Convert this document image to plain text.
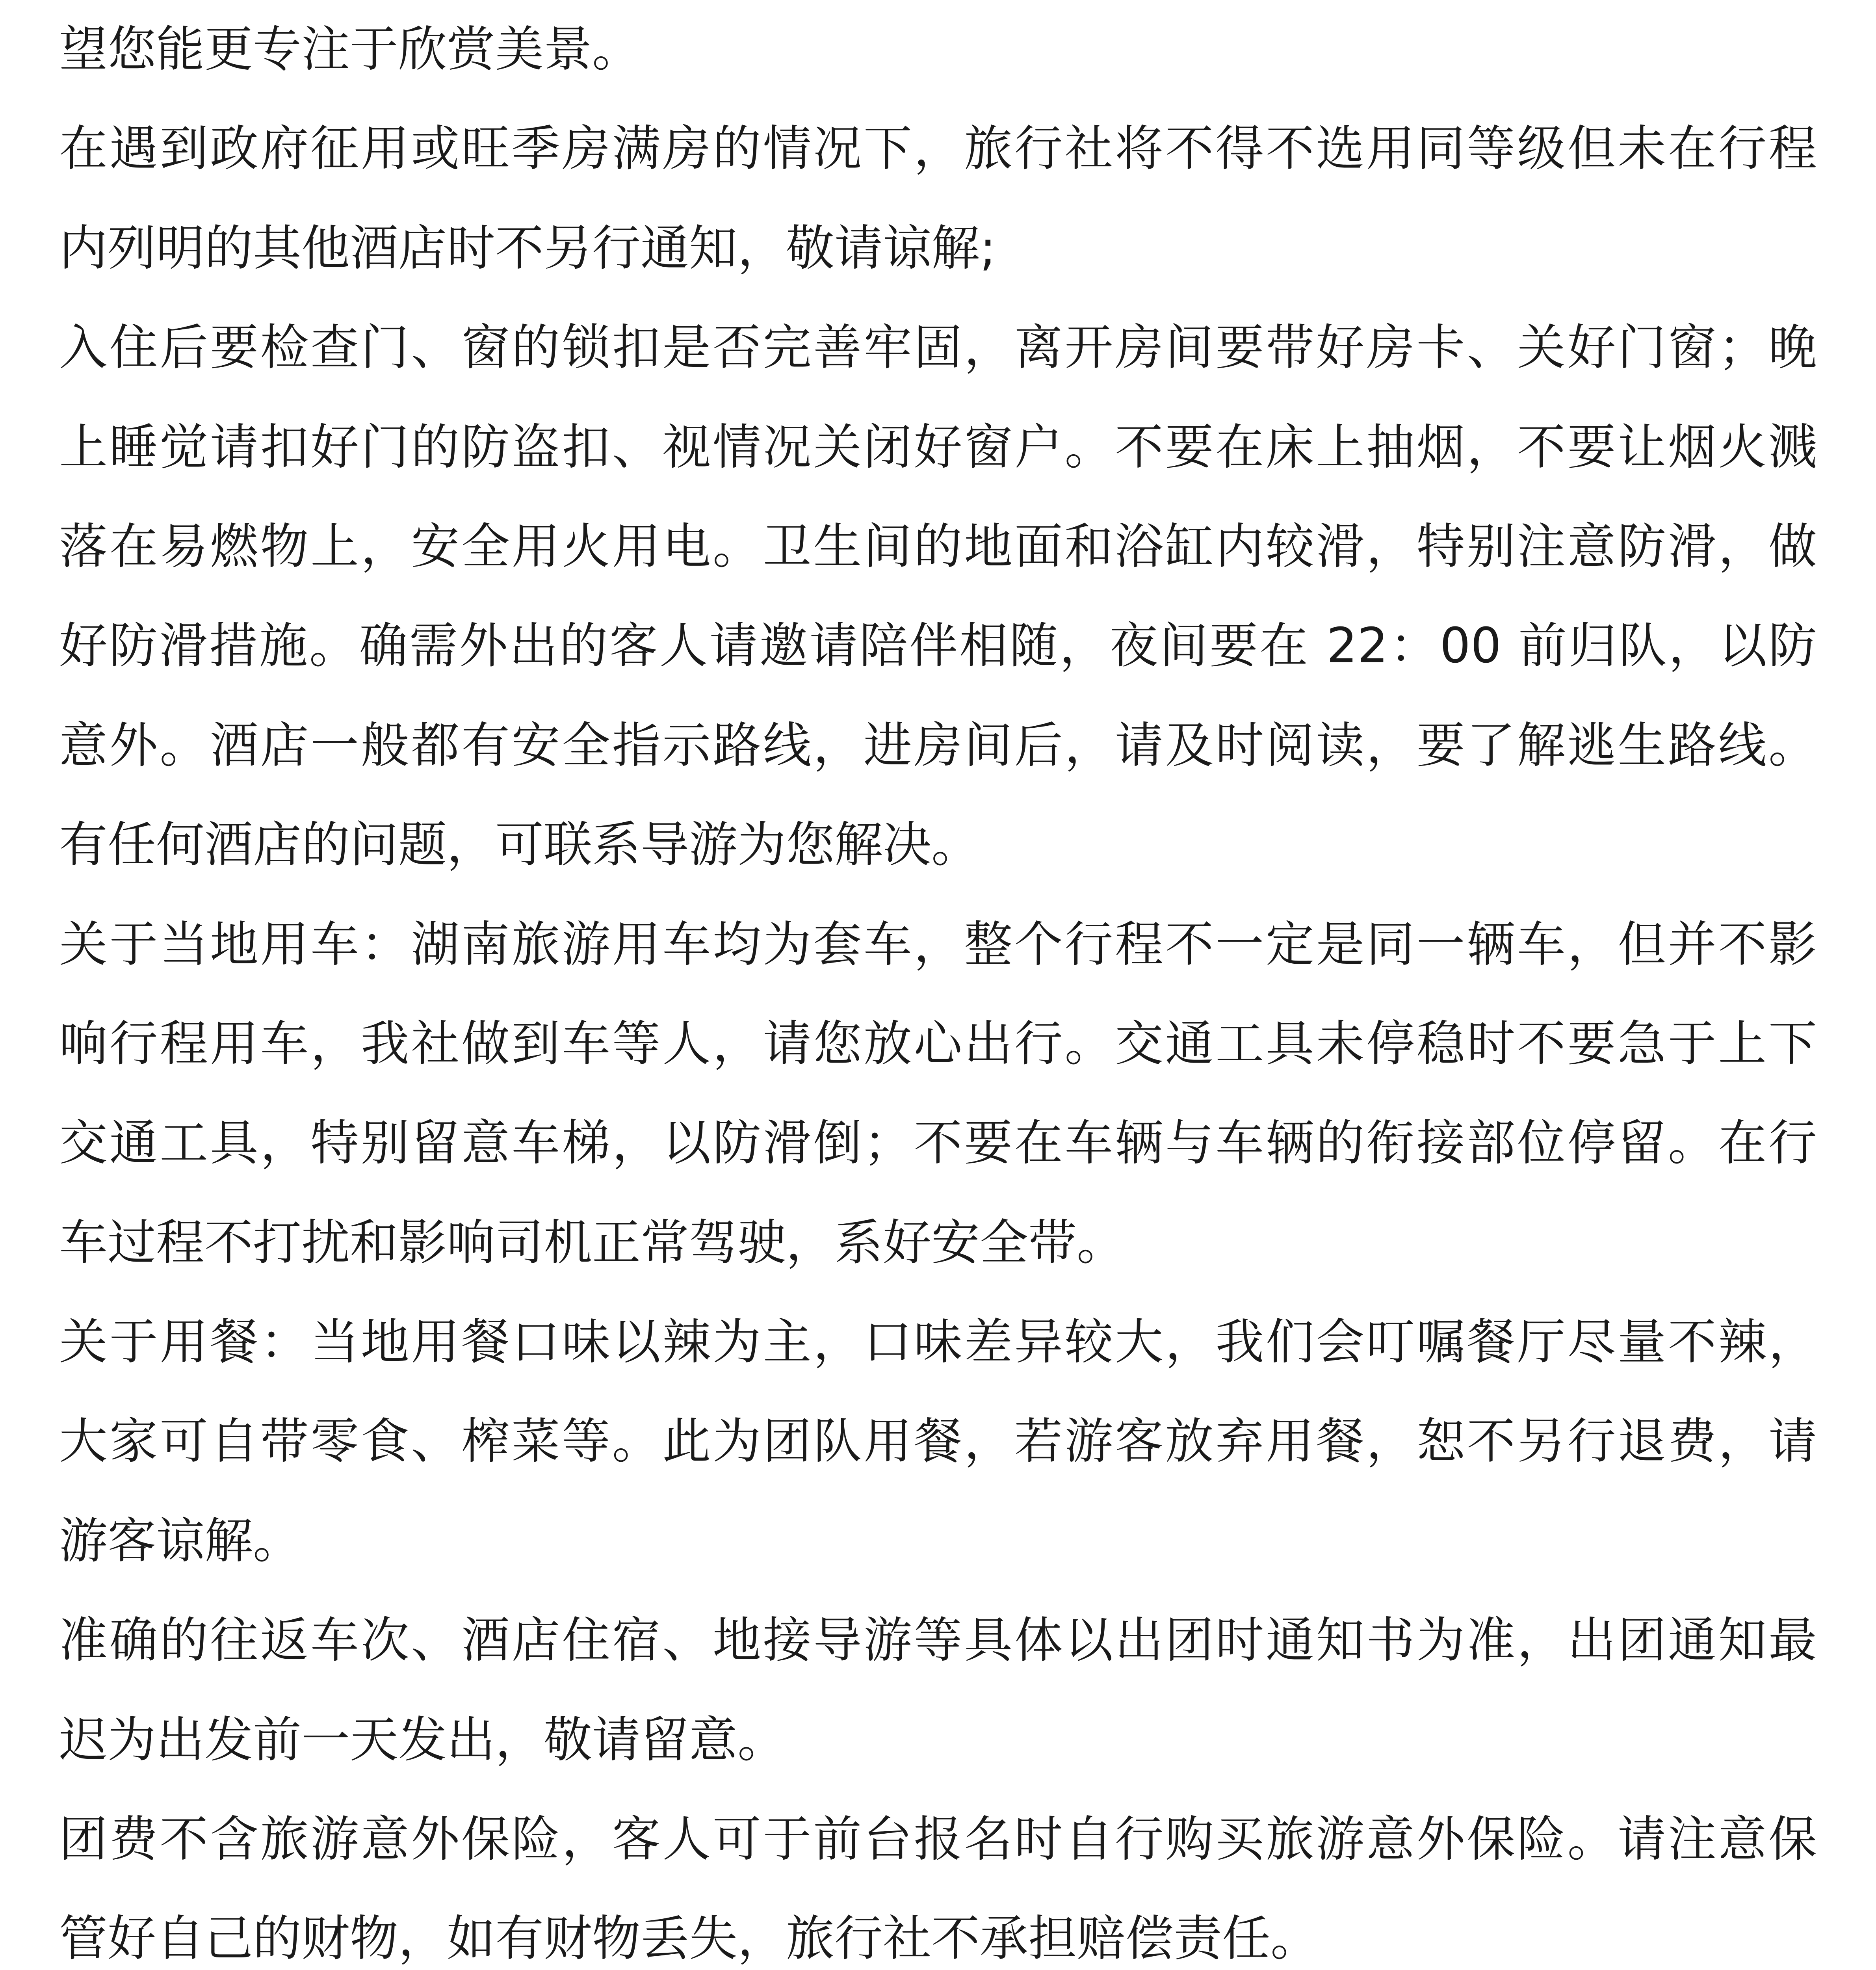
望您能更专注于欣赏美景。
在遇到政府征用或旺季房满房的情况下，旅行社将不得不选用同等级但未在行程
内列明的其他酒店时不另行通知，敬请谅解;
入住后要检查门、窗的锁扣是否完善牢固，离开房间要带好房卡、关好门窗；晚
上睡觉请扣好门的防盗扣、视情况关闭好窗户。不要在床上抽烟，不要让烟火溅
落在易燃物上，安全用火用电。卫生间的地面和浴缸内较滑，特别注意防滑，做
好防滑措施。确需外出的客人请邀请陪伴相随，夜间要在 22：00 前归队，以防
意外。酒店一般都有安全指示路线，进房间后，请及时阅读，要了解逃生路线。
有任何酒店的问题，可联系导游为您解决。
关于当地用车：湖南旅游用车均为套车，整个行程不一定是同一辆车，但并不影
响行程用车，我社做到车等人，请您放心出行。交通工具未停稳时不要急于上下
交通工具，特别留意车梯，以防滑倒；不要在车辆与车辆的衔接部位停留。在行
车过程不打扰和影响司机正常驾驶，系好安全带。
关于用餐：当地用餐口味以辣为主，口味差异较大，我们会叮嘱餐厅尽量不辣，
大家可自带零食、榨菜等。此为团队用餐，若游客放弃用餐，恕不另行退费，请
游客谅解。
准确的往返车次、酒店住宿、地接导游等具体以出团时通知书为准，出团通知最
迟为出发前一天发出，敬请留意。
团费不含旅游意外保险，客人可于前台报名时自行购买旅游意外保险。请注意保
管好自己的财物，如有财物丢失，旅行社不承担赔偿责任。
